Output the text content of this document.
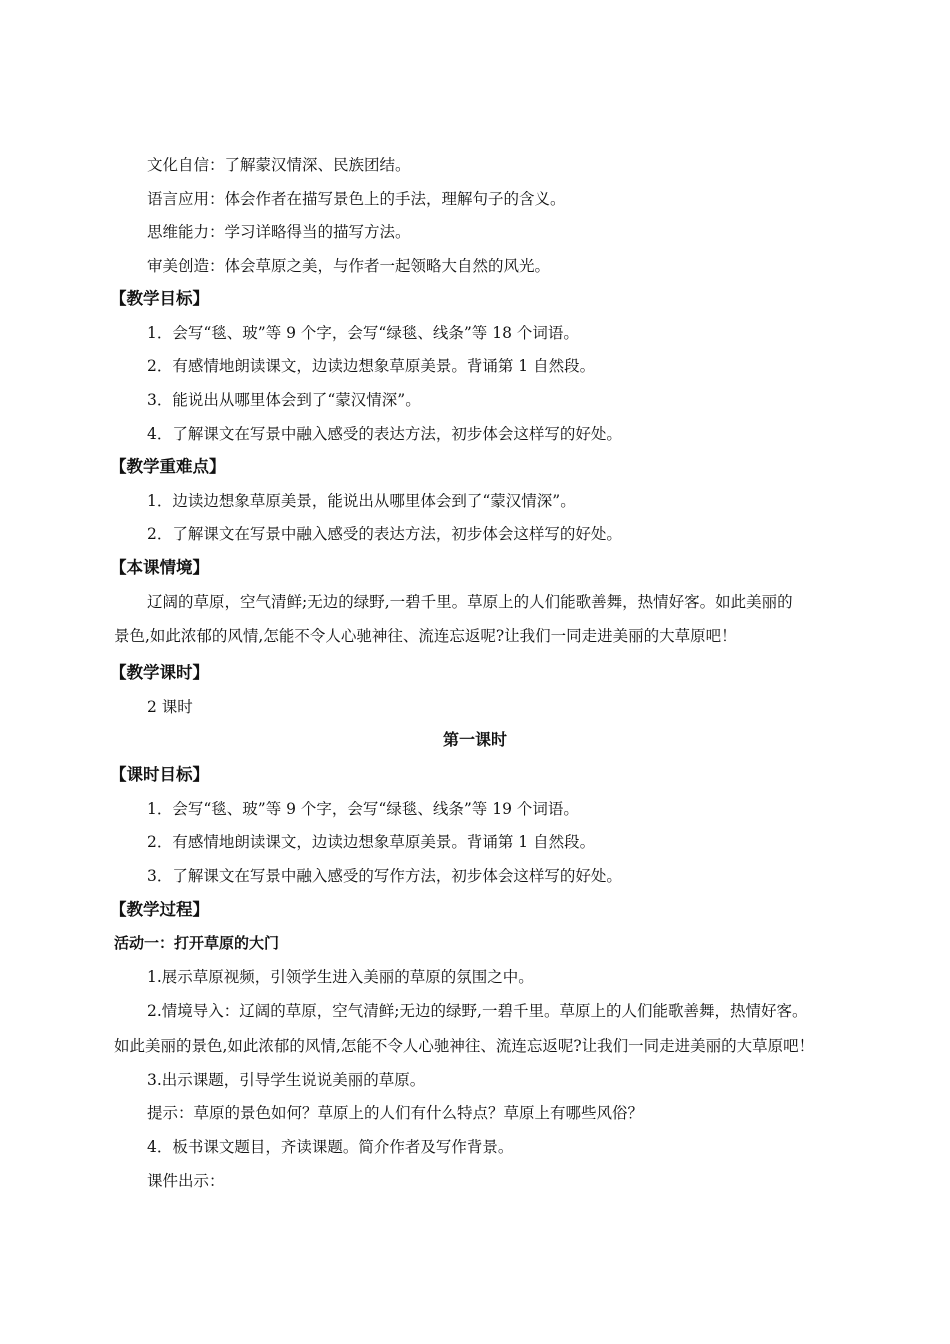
文化自信：了解蒙汉情深、民族团结。
语言应用：体会作者在描写景色上的手法，理解句子的含义。
思维能力：学习详略得当的描写方法。
审美创造：体会草原之美，与作者一起领略大自然的风光。
【教学目标】
1．会写“毯、玻”等 9 个字，会写“绿毯、线条”等 18 个词语。
2．有感情地朗读课文，边读边想象草原美景。背诵第 1 自然段。
3．能说出从哪里体会到了“蒙汉情深”。
4．了解课文在写景中融入感受的表达方法，初步体会这样写的好处。
【教学重难点】
1．边读边想象草原美景，能说出从哪里体会到了“蒙汉情深”。
2．了解课文在写景中融入感受的表达方法，初步体会这样写的好处。
【本课情境】
辽阔的草原，空气清鲜;无边的绿野,一碧千里。草原上的人们能歌善舞，热情好客。如此美丽的
景色,如此浓郁的风情,怎能不令人心驰神往、流连忘返呢?让我们一同走进美丽的大草原吧！
【教学课时】
2 课时
第一课时
【课时目标】
1．会写“毯、玻”等 9 个字，会写“绿毯、线条”等 19 个词语。
2．有感情地朗读课文，边读边想象草原美景。背诵第 1 自然段。
3．了解课文在写景中融入感受的写作方法，初步体会这样写的好处。
【教学过程】
活动一：打开草原的大门
1.展示草原视频，引领学生进入美丽的草原的氛围之中。
2.情境导入：辽阔的草原，空气清鲜;无边的绿野,一碧千里。草原上的人们能歌善舞，热情好客。
如此美丽的景色,如此浓郁的风情,怎能不令人心驰神往、流连忘返呢?让我们一同走进美丽的大草原吧！
3.出示课题，引导学生说说美丽的草原。
提示：草原的景色如何？草原上的人们有什么特点？草原上有哪些风俗？
4．板书课文题目，齐读课题。简介作者及写作背景。
课件出示：
